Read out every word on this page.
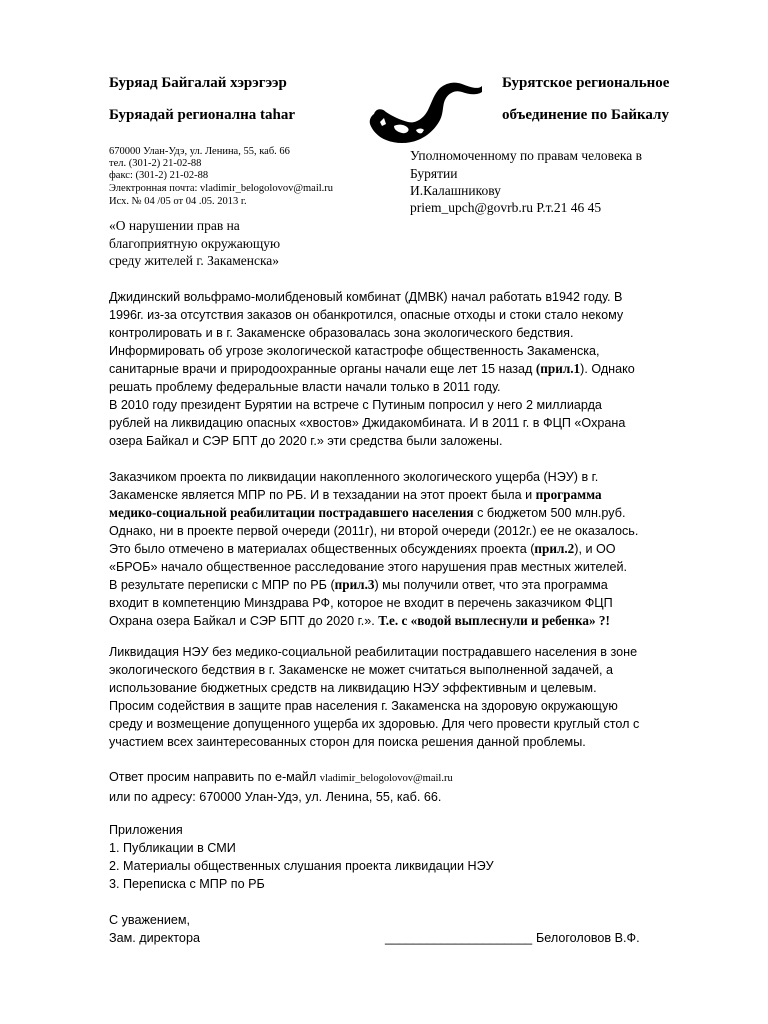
Буряад Байгалай хэрэгээр
Буряадай регионална tahar
Бурятское региональное
объединение по Байкалу
670000 Улан-Удэ, ул. Ленина, 55, каб. 66
тел. (301-2) 21-02-88
факс: (301-2) 21-02-88
Электронная почта: vladimir_belogolovov@mail.ru
Исх. № 04 /05 от 04 .05. 2013 г.
«О нарушении прав на
благоприятную окружающую
среду жителей г. Закаменска»
Уполномоченному по правам человека в
Бурятии
И.Калашникову
priem_upch@govrb.ru Р.т.21 46 45
Джидинский вольфрамо-молибденовый комбинат (ДМВК) начал работать в1942 году. В
1996г. из-за отсутствия заказов он обанкротился, опасные отходы и стоки стало некому
контролировать и в г. Закаменске образовалась зона экологического бедствия.
Информировать об угрозе экологической катастрофе общественность Закаменска,
санитарные врачи и природоохранные органы начали еще лет 15 назад (прил.1). Однако
решать проблему федеральные власти начали только в 2011 году.
В 2010 году президент Бурятии на встрече с Путиным попросил у него 2 миллиарда
рублей на ликвидацию опасных «хвостов» Джидакомбината. И в 2011 г. в ФЦП «Охрана
озера Байкал и СЭР БПТ до 2020 г.» эти средства были заложены.
Заказчиком проекта по ликвидации накопленного экологического ущерба (НЭУ) в г.
Закаменске является МПР по РБ. И в техзадании на этот проект была и программа
медико-социальной реабилитации пострадавшего населения с бюджетом 500 млн.руб.
Однако, ни в проекте первой очереди (2011г), ни второй очереди (2012г.) ее не оказалось.
Это было отмечено в материалах общественных обсуждениях проекта (прил.2), и ОО
«БРОБ» начало общественное расследование этого нарушения прав местных жителей.
В результате переписки с МПР по РБ (прил.3) мы получили ответ, что эта программа
входит в компетенцию Минздрава РФ, которое не входит в перечень заказчиком ФЦП
Охрана озера Байкал и СЭР БПТ до 2020 г.». Т.е. с «водой выплеснули и ребенка» ?!
Ликвидация НЭУ без медико-социальной реабилитации пострадавшего населения в зоне
экологического бедствия в г. Закаменске не может считаться выполненной задачей, а
использование бюджетных средств на ликвидацию НЭУ эффективным и целевым.
Просим содействия в защите прав населения г. Закаменска на здоровую окружающую
среду и возмещение допущенного ущерба их здоровью. Для чего провести круглый стол с
участием всех заинтересованных сторон для поиска решения данной проблемы.
Ответ просим направить по е-майл vladimir_belogolovov@mail.ru
или по адресу: 670000 Улан-Удэ, ул. Ленина, 55, каб. 66.
Приложения
1. Публикации в СМИ
2. Материалы общественных слушания проекта ликвидации НЭУ
3. Переписка с МПР по РБ
С уважением,
Зам. директора	_____________________ Белоголовов В.Ф.
